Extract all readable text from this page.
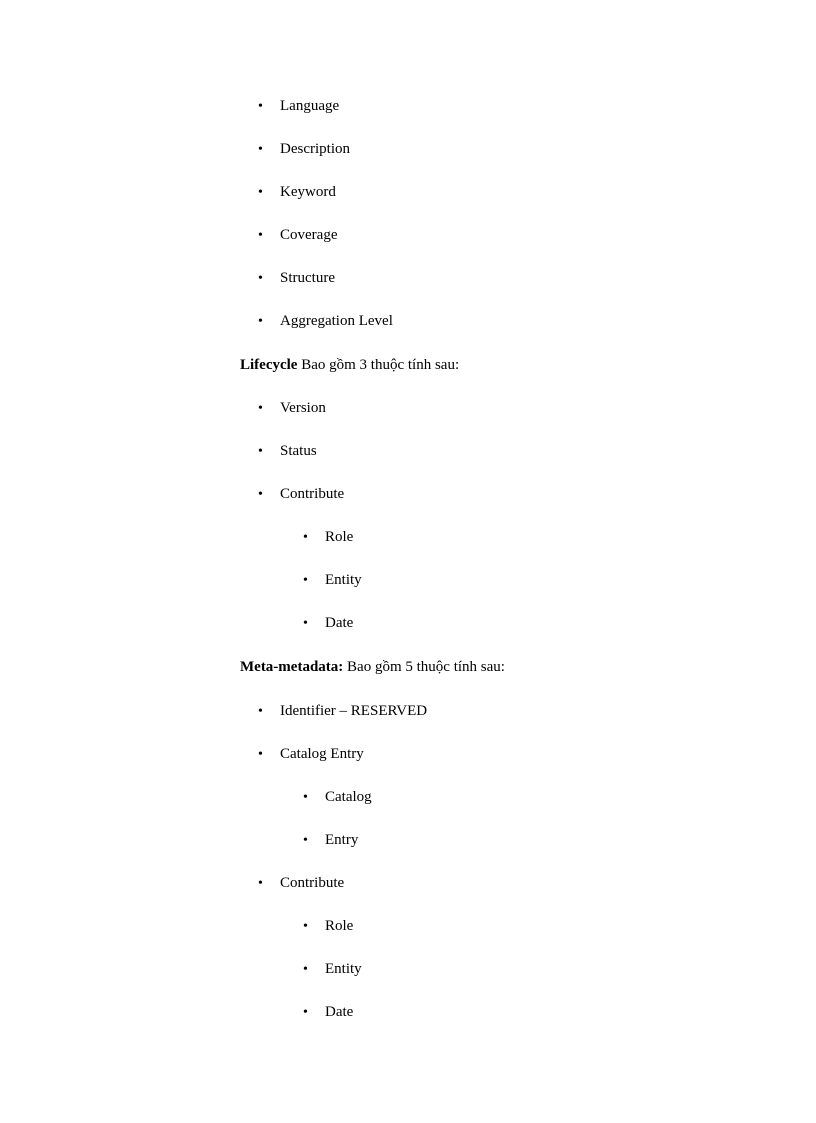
• Language
• Description
• Keyword
• Coverage
• Structure
• Aggregation Level
Lifecycle Bao gồm 3 thuộc tính sau:
• Version
• Status
• Contribute
• Role
• Entity
• Date
Meta-metadata: Bao gồm 5 thuộc tính sau:
• Identifier – RESERVED
• Catalog Entry
• Catalog
• Entry
• Contribute
• Role
• Entity
• Date
